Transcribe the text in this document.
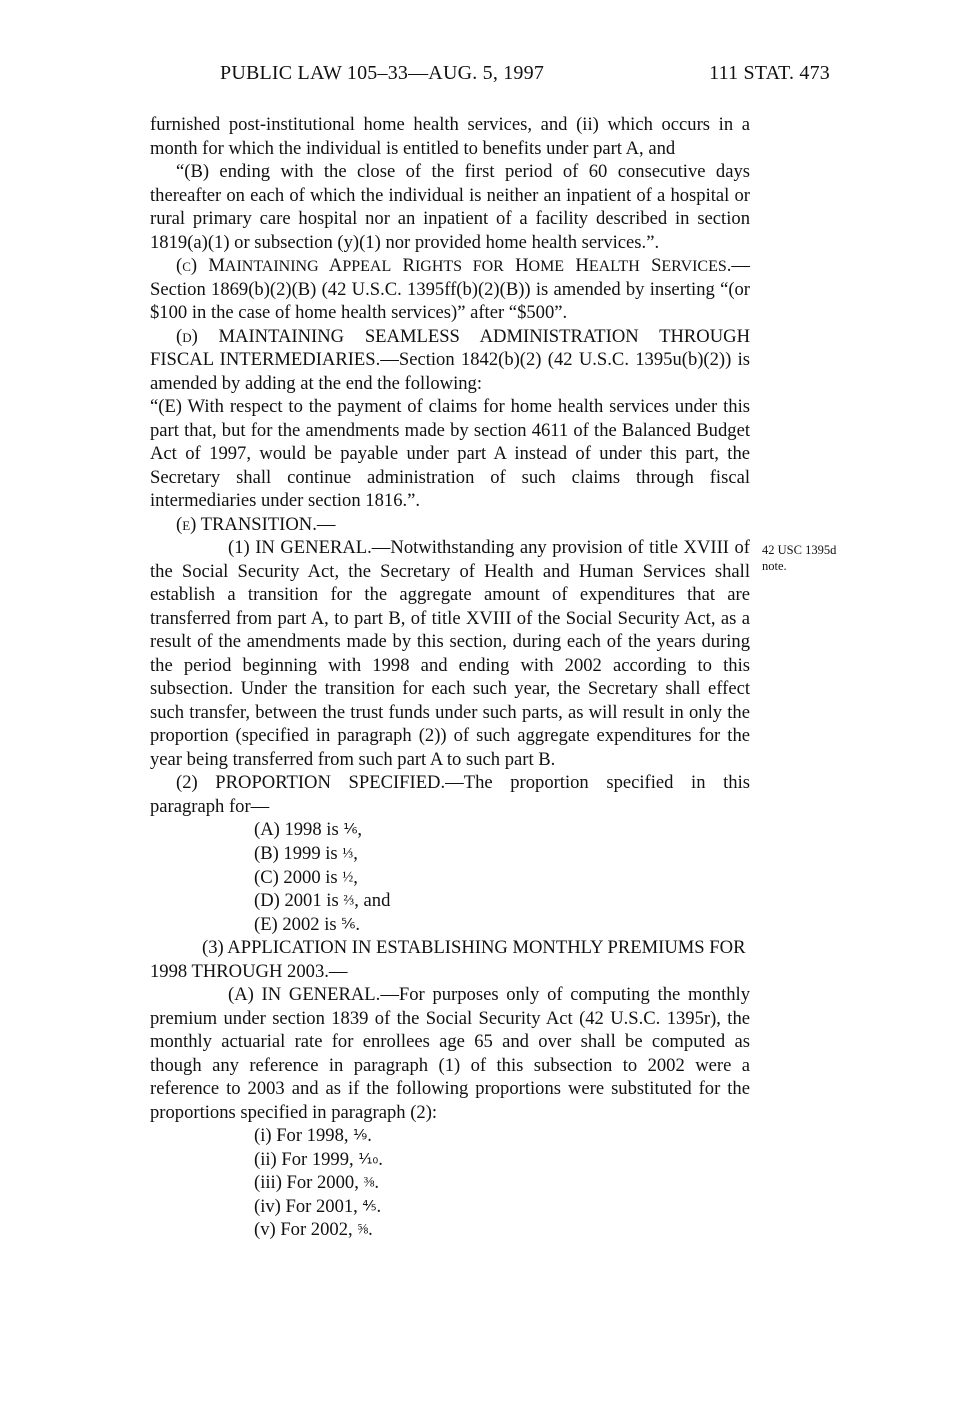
PUBLIC LAW 105–33—AUG. 5, 1997	111 STAT. 473
42 USC 1395d
note.

furnished post-institutional home health services, and (ii) which occurs in a month for which the individual is entitled to benefits under part A, and

“(B) ending with the close of the first period of 60 consecutive days thereafter on each of which the individual is neither an inpatient of a hospital or rural primary care hospital nor an inpatient of a facility described in section 1819(a)(1) or subsection (y)(1) nor provided home health services.”.

(c) MAINTAINING APPEAL RIGHTS FOR HOME HEALTH SERVICES.—Section 1869(b)(2)(B) (42 U.S.C. 1395ff(b)(2)(B)) is amended by inserting “(or $100 in the case of home health services)” after “$500”.

(d) MAINTAINING SEAMLESS ADMINISTRATION THROUGH FISCAL INTERMEDIARIES.—Section 1842(b)(2) (42 U.S.C. 1395u(b)(2)) is amended by adding at the end the following:

“(E) With respect to the payment of claims for home health services under this part that, but for the amendments made by section 4611 of the Balanced Budget Act of 1997, would be payable under part A instead of under this part, the Secretary shall continue administration of such claims through fiscal intermediaries under section 1816.”.

(e) TRANSITION.—

(1) IN GENERAL.—Notwithstanding any provision of title XVIII of the Social Security Act, the Secretary of Health and Human Services shall establish a transition for the aggregate amount of expenditures that are transferred from part A, to part B, of title XVIII of the Social Security Act, as a result of the amendments made by this section, during each of the years during the period beginning with 1998 and ending with 2002 according to this subsection. Under the transition for each such year, the Secretary shall effect such transfer, between the trust funds under such parts, as will result in only the proportion (specified in paragraph (2)) of such aggregate expenditures for the year being transferred from such part A to such part B.

(2) PROPORTION SPECIFIED.—The proportion specified in this paragraph for—

(A) 1998 is ⅙,

(B) 1999 is ⅓,

(C) 2000 is ½,

(D) 2001 is ⅔, and

(E) 2002 is ⅚.

(3) APPLICATION IN ESTABLISHING MONTHLY PREMIUMS FOR 1998 THROUGH 2003.—

(A) IN GENERAL.—For purposes only of computing the monthly premium under section 1839 of the Social Security Act (42 U.S.C. 1395r), the monthly actuarial rate for enrollees age 65 and over shall be computed as though any reference in paragraph (1) of this subsection to 2002 were a reference to 2003 and as if the following proportions were substituted for the proportions specified in paragraph (2):

(i) For 1998, ⅑.

(ii) For 1999, ⅒.

(iii) For 2000, ⅜.

(iv) For 2001, ⅘.

(v) For 2002, ⅝.
